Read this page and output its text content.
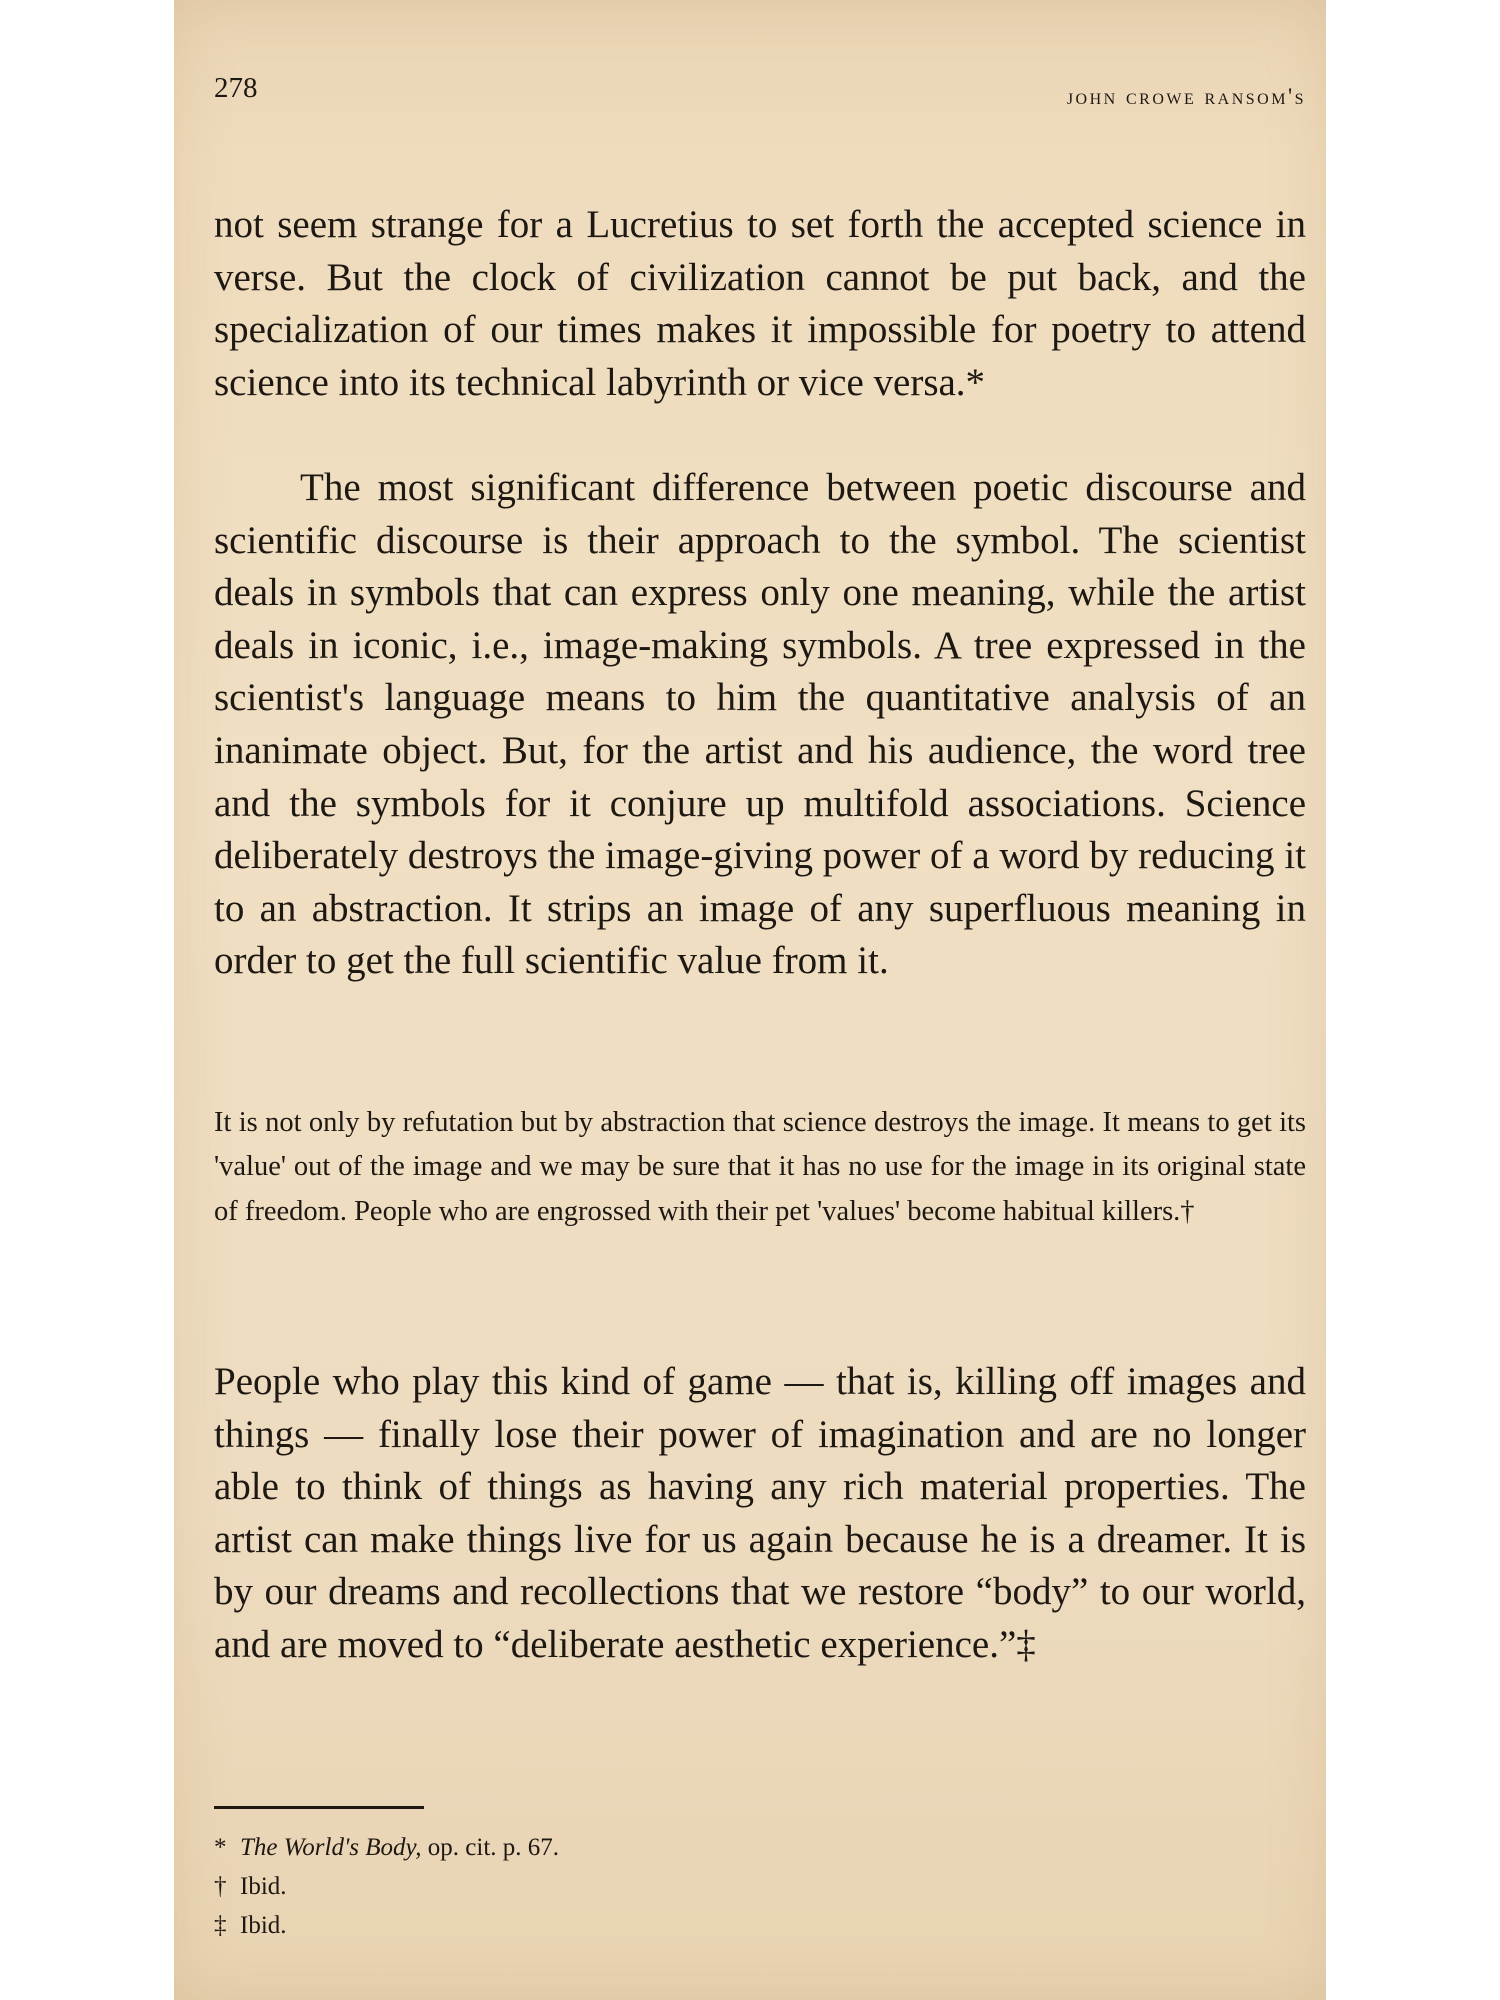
278	john crowe ransom's

not seem strange for a Lucretius to set forth the accepted science in verse. But the clock of civilization cannot be put back, and the specialization of our times makes it impossible for poetry to attend science into its technical labyrinth or vice versa.*

The most significant difference between poetic discourse and scientific discourse is their approach to the symbol. The scientist deals in symbols that can express only one meaning, while the artist deals in iconic, i.e., image-making symbols. A tree expressed in the scientist's language means to him the quantitative analysis of an inanimate object. But, for the artist and his audience, the word tree and the symbols for it conjure up multifold associations. Science deliberately destroys the image-giving power of a word by reducing it to an abstraction. It strips an image of any superfluous meaning in order to get the full scientific value from it.

It is not only by refutation but by abstraction that science destroys the image. It means to get its 'value' out of the image and we may be sure that it has no use for the image in its original state of freedom. People who are engrossed with their pet 'values' become habitual killers.†

People who play this kind of game — that is, killing off images and things — finally lose their power of imagination and are no longer able to think of things as having any rich material properties. The artist can make things live for us again because he is a dreamer. It is by our dreams and recollections that we restore “body” to our world, and are moved to “deliberate aesthetic experience.”‡

* The World's Body, op. cit. p. 67.
† Ibid.
‡ Ibid.
